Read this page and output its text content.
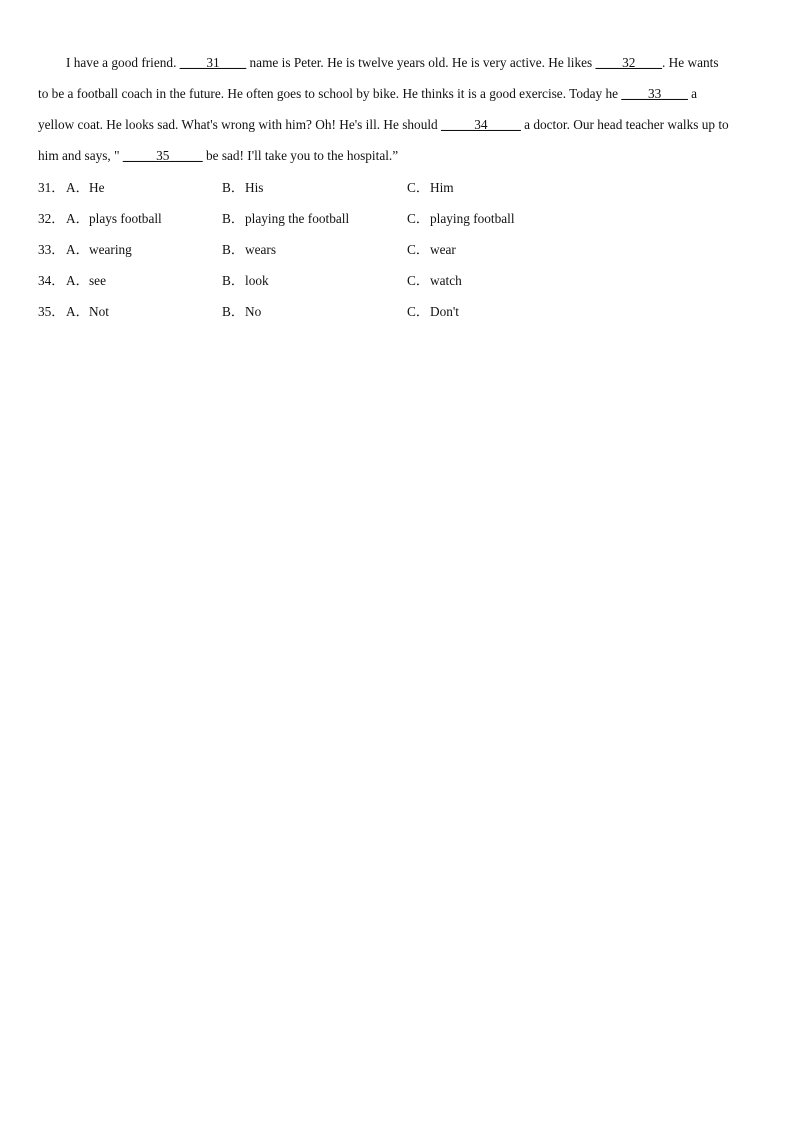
I have a good friend. ____31____ name is Peter. He is twelve years old. He is very active. He likes ____32____. He wants
to be a football coach in the future. He often goes to school by bike. He thinks it is a good exercise. Today he ____33____ a
yellow coat. He looks sad. What's wrong with him? Oh! He's ill. He should _____34_____ a doctor. Our head teacher walks up to
him and says, " _____35_____ be sad! I'll take you to the hospital.”
31． A．He	B．His	C．Him
32． A．plays football	B．playing the football	C．playing football
33． A．wearing	B．wears	C．wear
34． A．see	B．look	C．watch
35． A．Not	B．No	C．Don't
